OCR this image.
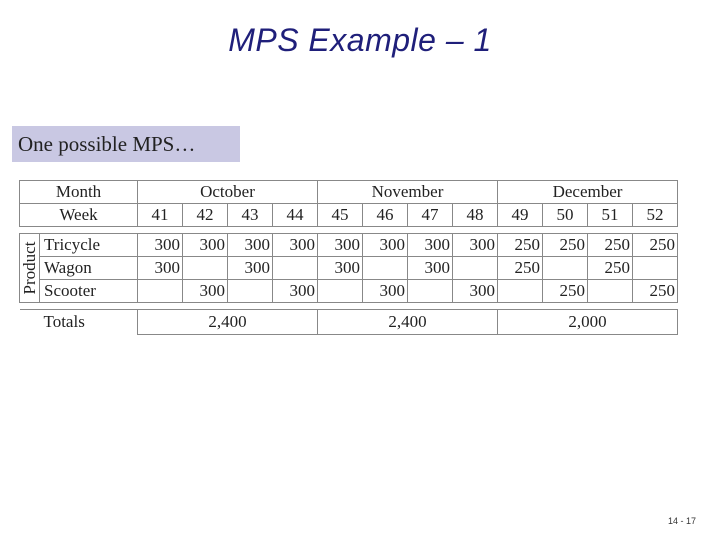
MPS Example – 1
One possible MPS…
Month		October				November				December			
Week		41	42	43	44	45	46	47	48	49	50	51	52

Product	Tricycle	300	300	300	300	300	300	300	300	250	250	250	250
	Wagon	300		300		300		300		250		250	
	Scooter		300		300		300		300		250		250

	Totals	2,400				2,400				2,000			
14 - 17
